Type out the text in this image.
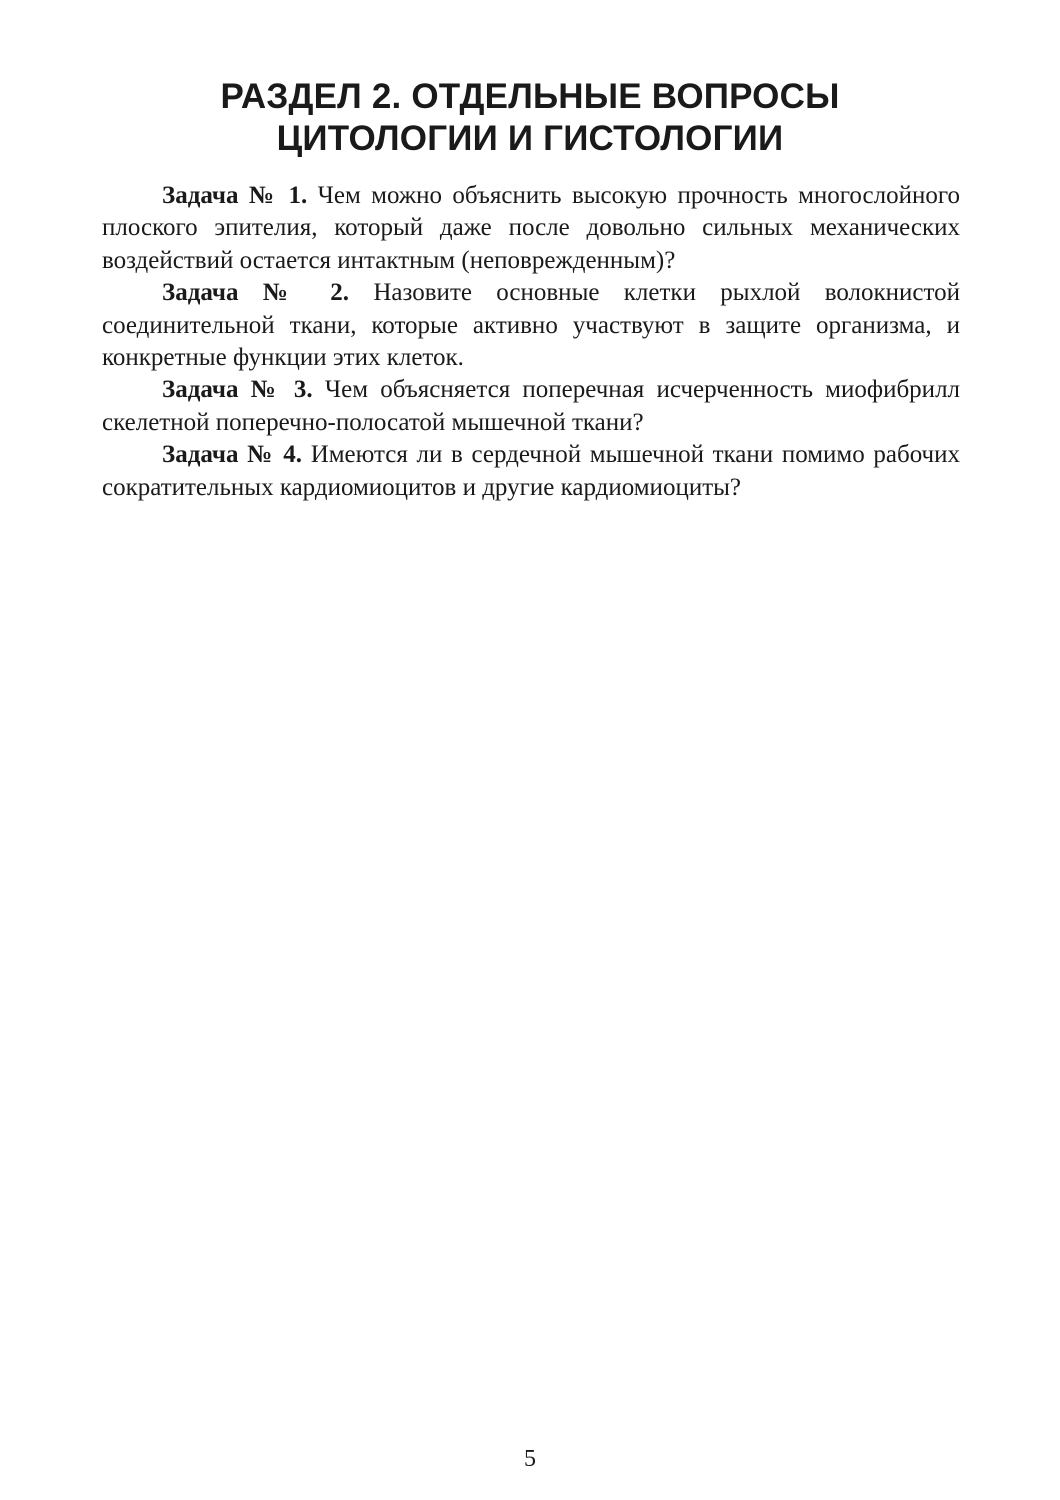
РАЗДЕЛ 2. ОТДЕЛЬНЫЕ ВОПРОСЫ
ЦИТОЛОГИИ И ГИСТОЛОГИИ

Задача № 1. Чем можно объяснить высокую прочность многослойного плоского эпителия, который даже после довольно сильных механических воздействий остается интактным (неповрежденным)?

Задача № 2. Назовите основные клетки рыхлой волокнистой соединительной ткани, которые активно участвуют в защите организма, и конкретные функции этих клеток.

Задача № 3. Чем объясняется поперечная исчерченность миофибрилл скелетной поперечно-полосатой мышечной ткани?

Задача № 4. Имеются ли в сердечной мышечной ткани помимо рабочих сократительных кардиомиоцитов и другие кардиомиоциты?

5
